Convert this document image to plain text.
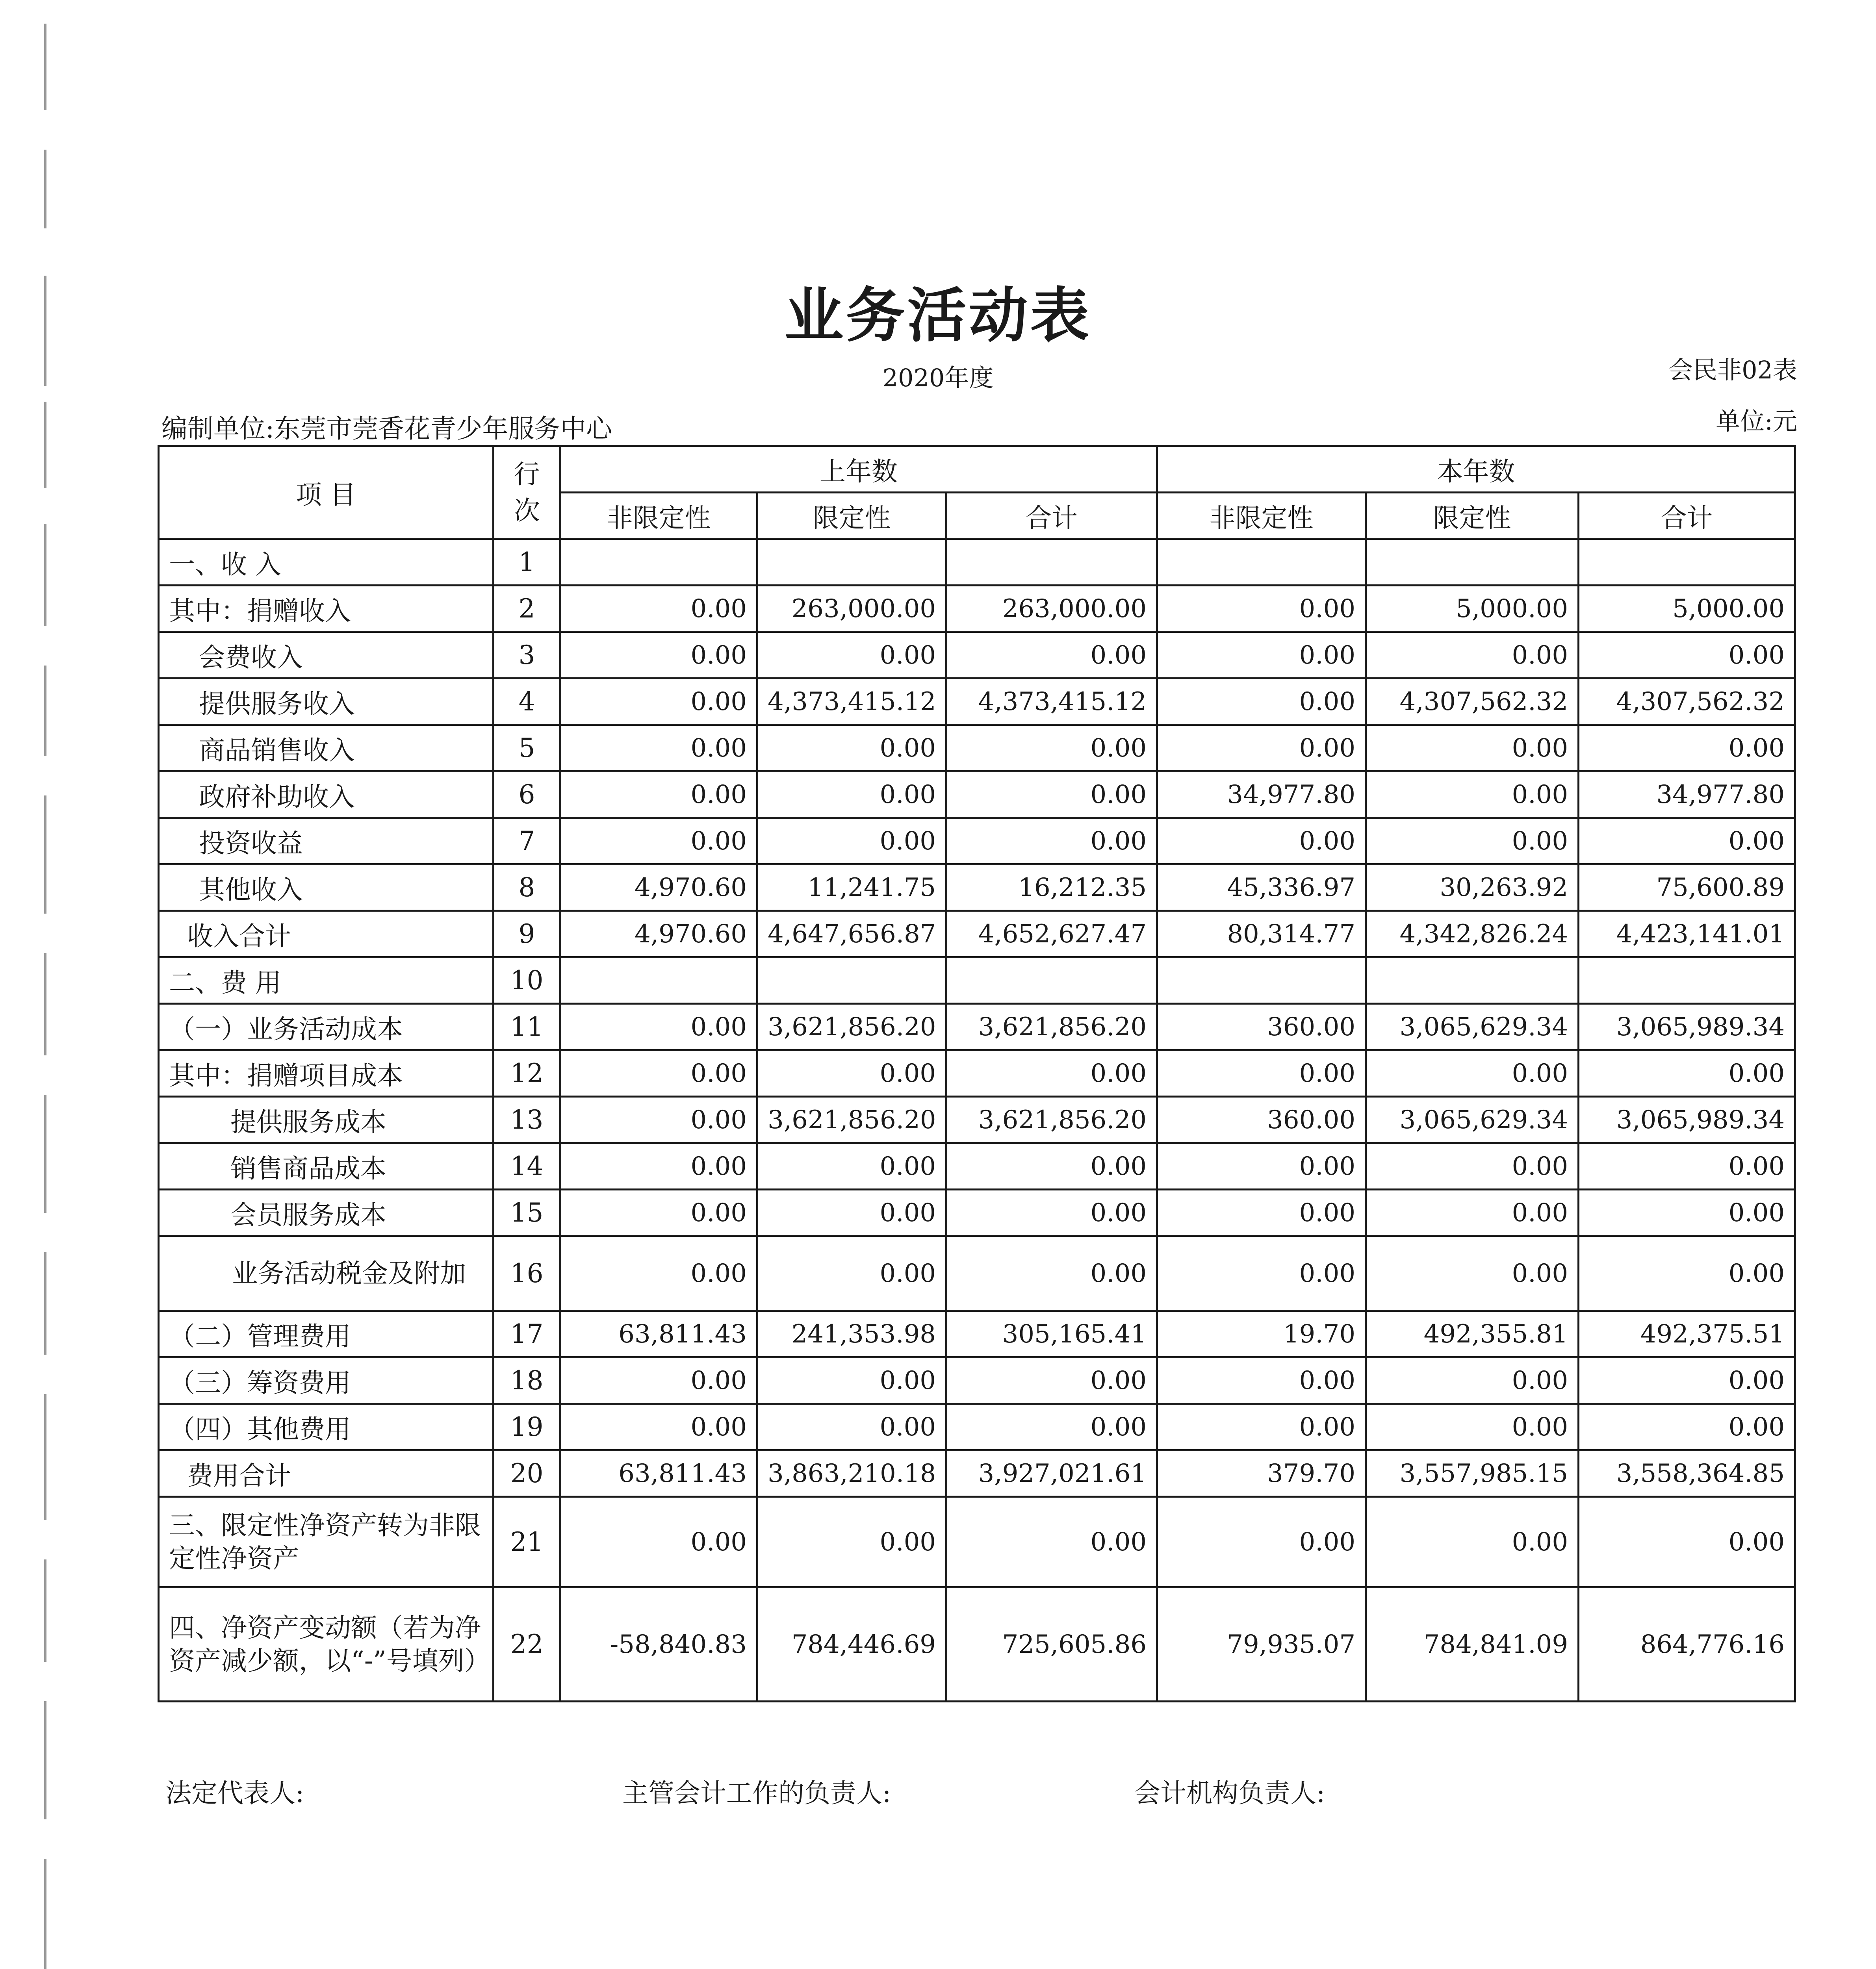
业务活动表
2020年度	会民非02表
编制单位:东莞市莞香花青少年服务中心	单位:元
项 目	行次	上年数			本年数		
		非限定性	限定性	合计	非限定性	限定性	合计
一、收 入	1						
其中：捐赠收入	2	0.00	263,000.00	263,000.00	0.00	5,000.00	5,000.00
会费收入	3	0.00	0.00	0.00	0.00	0.00	0.00
提供服务收入	4	0.00	4,373,415.12	4,373,415.12	0.00	4,307,562.32	4,307,562.32
商品销售收入	5	0.00	0.00	0.00	0.00	0.00	0.00
政府补助收入	6	0.00	0.00	0.00	34,977.80	0.00	34,977.80
投资收益	7	0.00	0.00	0.00	0.00	0.00	0.00
其他收入	8	4,970.60	11,241.75	16,212.35	45,336.97	30,263.92	75,600.89
收入合计	9	4,970.60	4,647,656.87	4,652,627.47	80,314.77	4,342,826.24	4,423,141.01
二、费 用	10						
（一）业务活动成本	11	0.00	3,621,856.20	3,621,856.20	360.00	3,065,629.34	3,065,989.34
其中：捐赠项目成本	12	0.00	0.00	0.00	0.00	0.00	0.00
提供服务成本	13	0.00	3,621,856.20	3,621,856.20	360.00	3,065,629.34	3,065,989.34
销售商品成本	14	0.00	0.00	0.00	0.00	0.00	0.00
会员服务成本	15	0.00	0.00	0.00	0.00	0.00	0.00
业务活动税金及附加	16	0.00	0.00	0.00	0.00	0.00	0.00
（二）管理费用	17	63,811.43	241,353.98	305,165.41	19.70	492,355.81	492,375.51
（三）筹资费用	18	0.00	0.00	0.00	0.00	0.00	0.00
（四）其他费用	19	0.00	0.00	0.00	0.00	0.00	0.00
费用合计	20	63,811.43	3,863,210.18	3,927,021.61	379.70	3,557,985.15	3,558,364.85
三、限定性净资产转为非限定性净资产	21	0.00	0.00	0.00	0.00	0.00	0.00
四、净资产变动额（若为净资产减少额，以“-”号填列）	22	-58,840.83	784,446.69	725,605.86	79,935.07	784,841.09	864,776.16
法定代表人:	主管会计工作的负责人:	会计机构负责人:
